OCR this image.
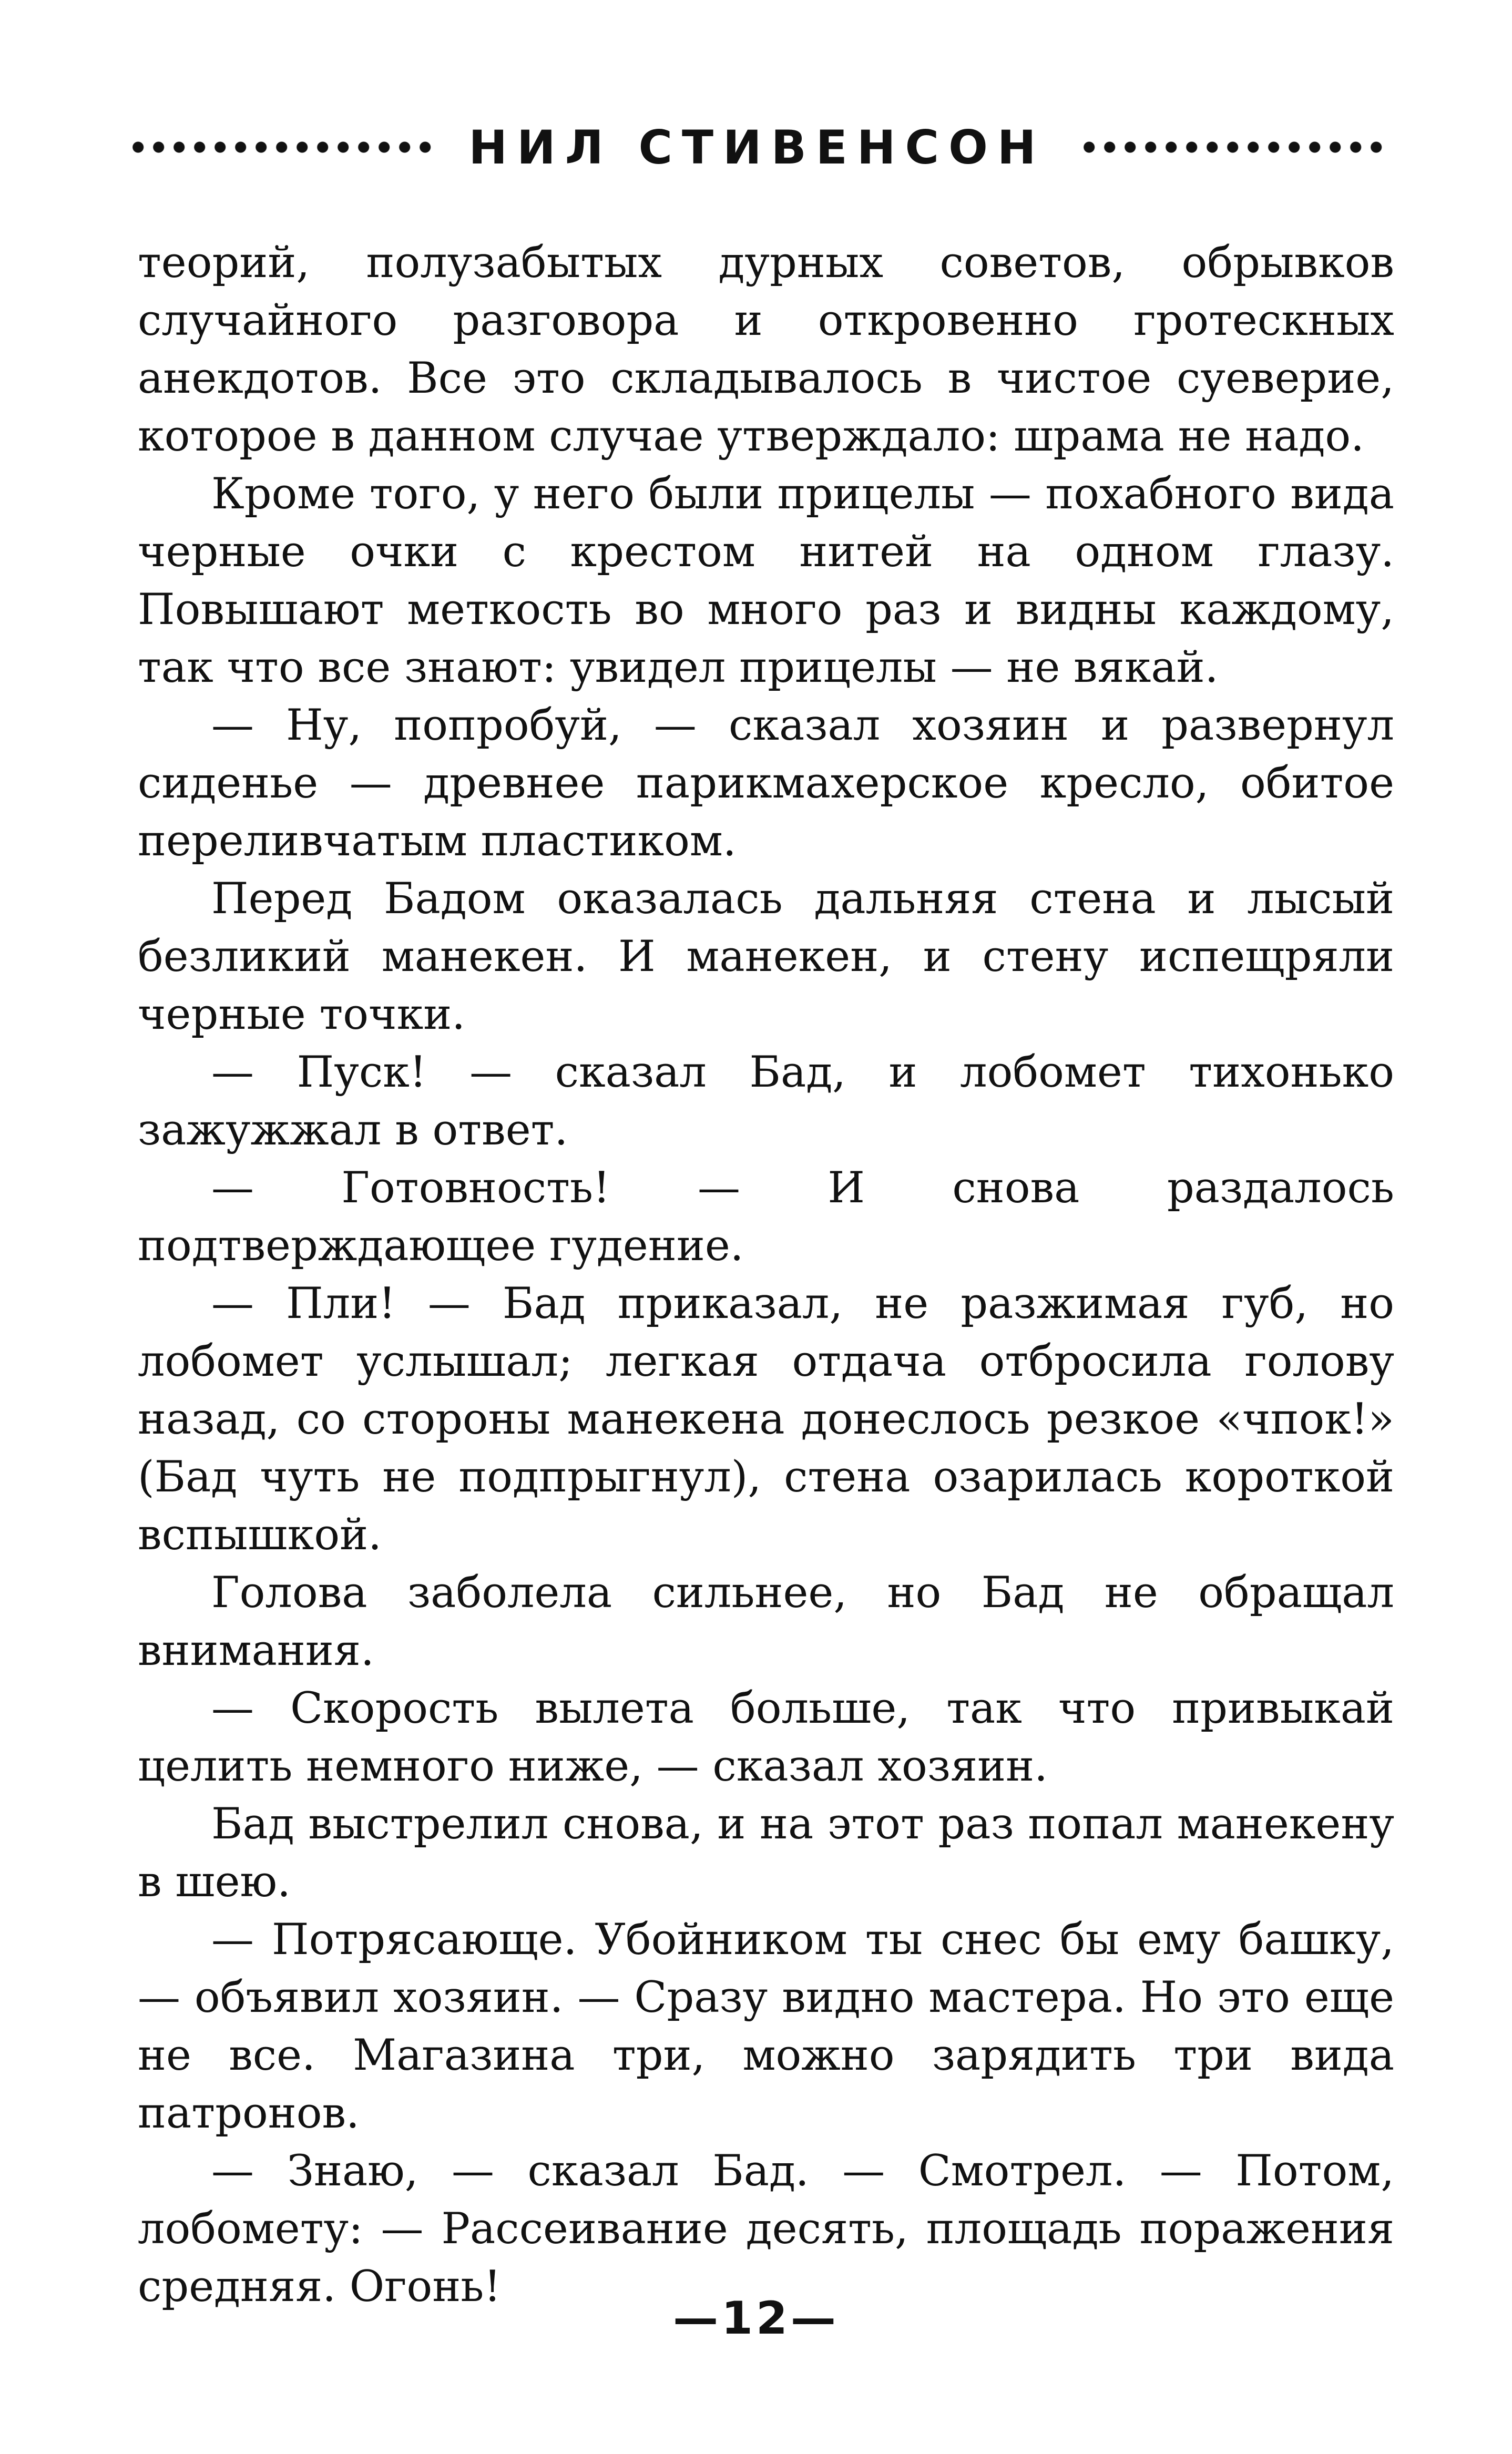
НИЛ СТИВЕНСОН

теорий, полузабытых дурных советов, обрывков случайного разговора и откровенно гротескных анекдотов. Все это складывалось в чистое суеверие, которое в данном случае утверждало: шрама не надо.

Кроме того, у него были прицелы — похабного вида черные очки с крестом нитей на одном глазу. Повышают меткость во много раз и видны каждому, так что все знают: увидел прицелы — не вякай.

— Ну, попробуй, — сказал хозяин и развернул сиденье — древнее парикмахерское кресло, обитое переливчатым пластиком.

Перед Бадом оказалась дальняя стена и лысый безликий манекен. И манекен, и стену испещряли черные точки.

— Пуск! — сказал Бад, и лобомет тихонько зажужжал в ответ.

— Готовность! — И снова раздалось подтверждающее гудение.

— Пли! — Бад приказал, не разжимая губ, но лобомет услышал; легкая отдача отбросила голову назад, со стороны манекена донеслось резкое «чпок!» (Бад чуть не подпрыгнул), стена озарилась короткой вспышкой.

Голова заболела сильнее, но Бад не обращал внимания.

— Скорость вылета больше, так что привыкай целить немного ниже, — сказал хозяин.

Бад выстрелил снова, и на этот раз попал манекену в шею.

— Потрясающе. Убойником ты снес бы ему башку, — объявил хозяин. — Сразу видно мастера. Но это еще не все. Магазина три, можно зарядить три вида патронов.

— Знаю, — сказал Бад. — Смотрел. — Потом, лобомету: — Рассеивание десять, площадь поражения средняя. Огонь!

—12—
